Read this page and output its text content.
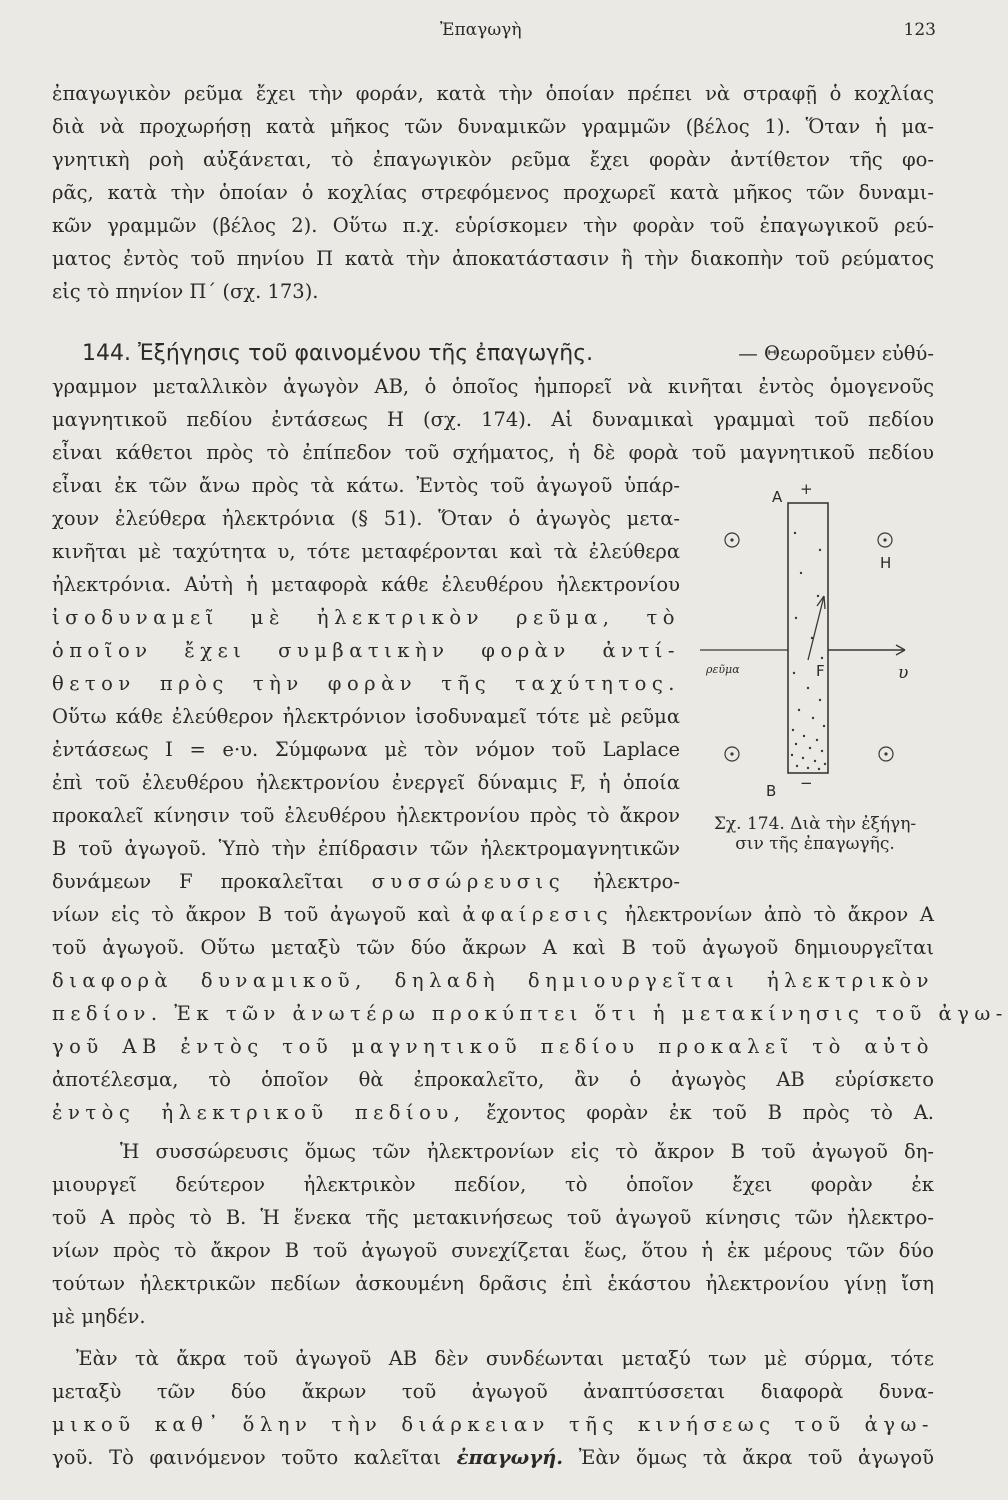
Ἐπαγωγὴ	123
ἐπαγωγικὸν ρεῦμα ἔχει τὴν φοράν, κατὰ τὴν ὁποίαν πρέπει νὰ στραφῇ ὁ κοχλίας
διὰ νὰ προχωρήσῃ κατὰ μῆκος τῶν δυναμικῶν γραμμῶν (βέλος 1). Ὅταν ἡ μα-
γνητικὴ ροὴ αὐξάνεται, τὸ ἐπαγωγικὸν ρεῦμα ἔχει φορὰν ἀντίθετον τῆς φο-
ρᾶς, κατὰ τὴν ὁποίαν ὁ κοχλίας στρεφόμενος προχωρεῖ κατὰ μῆκος τῶν δυναμι-
κῶν γραμμῶν (βέλος 2). Οὕτω π.χ. εὑρίσκομεν τὴν φορὰν τοῦ ἐπαγωγικοῦ ρεύ-
ματος ἐντὸς τοῦ πηνίου Π κατὰ τὴν ἀποκατάστασιν ἢ τὴν διακοπὴν τοῦ ρεύματος
εἰς τὸ πηνίον Π΄ (σχ. 173).
144. Ἐξήγησις τοῦ φαινομένου τῆς ἐπαγωγῆς.	— Θεωροῦμεν εὐθύ-
γραμμον μεταλλικὸν ἀγωγὸν ΑΒ, ὁ ὁποῖος ἠμπορεῖ νὰ κινῆται ἐντὸς ὁμογενοῦς
μαγνητικοῦ πεδίου ἐντάσεως Η (σχ. 174). Αἱ δυναμικαὶ γραμμαὶ τοῦ πεδίου
εἶναι κάθετοι πρὸς τὸ ἐπίπεδον τοῦ σχήματος, ἡ δὲ φορὰ τοῦ μαγνητικοῦ πεδίου
εἶναι ἐκ τῶν ἄνω πρὸς τὰ κάτω. Ἐντὸς τοῦ ἀγωγοῦ ὑπάρ-
χουν ἐλεύθερα ἠλεκτρόνια (§ 51). Ὅταν ὁ ἀγωγὸς μετα-
κινῆται μὲ ταχύτητα υ, τότε μεταφέρονται καὶ τὰ ἐλεύθερα
ἠλεκτρόνια. Αὐτὴ ἡ μεταφορὰ κάθε ἐλευθέρου ἠλεκτρονίου
ἰσοδυναμεῖ μὲ ἠλεκτρικὸν ρεῦμα, τὸ
ὁποῖον ἔχει συμβατικὴν φορὰν ἀντί-
θετον πρὸς τὴν φορὰν τῆς ταχύτητος.
Οὕτω κάθε ἐλεύθερον ἠλεκτρόνιον ἰσοδυναμεῖ τότε μὲ ρεῦμα
ἐντάσεως Ι = e·υ. Σύμφωνα μὲ τὸν νόμον τοῦ Laplace
ἐπὶ τοῦ ἐλευθέρου ἠλεκτρονίου ἐνεργεῖ δύναμις F, ἡ ὁποία
προκαλεῖ κίνησιν τοῦ ἐλευθέρου ἠλεκτρονίου πρὸς τὸ ἄκρον
Β τοῦ ἀγωγοῦ. Ὑπὸ τὴν ἐπίδρασιν τῶν ἠλεκτρομαγνητικῶν
δυνάμεων F προκαλεῖται συσσώρευσις ἠλεκτρο-
νίων εἰς τὸ ἄκρον Β τοῦ ἀγωγοῦ καὶ ἀφαίρεσις ἠλεκτρονίων ἀπὸ τὸ ἄκρον Α
τοῦ ἀγωγοῦ. Οὕτω μεταξὺ τῶν δύο ἄκρων Α καὶ Β τοῦ ἀγωγοῦ δημιουργεῖται
διαφορὰ δυναμικοῦ, δηλαδὴ δημιουργεῖται ἠλεκτρικὸν
πεδίον. Ἐκ τῶν ἀνωτέρω προκύπτει ὅτι ἡ μετακίνησις τοῦ ἀγω-
γοῦ ΑΒ ἐντὸς τοῦ μαγνητικοῦ πεδίου προκαλεῖ τὸ αὐτὸ
ἀποτέλεσμα, τὸ ὁποῖον θὰ ἐπροκαλεῖτο, ἂν ὁ ἀγωγὸς ΑΒ εὑρίσκετο
ἐντὸς ἠλεκτρικοῦ πεδίου, ἔχοντος φορὰν ἐκ τοῦ Β πρὸς τὸ Α.
Ἡ συσσώρευσις ὅμως τῶν ἠλεκτρονίων εἰς τὸ ἄκρον Β τοῦ ἀγωγοῦ δη-
μιουργεῖ δεύτερον ἠλεκτρικὸν πεδίον, τὸ ὁποῖον ἔχει φορὰν ἐκ
τοῦ Α πρὸς τὸ Β. Ἡ ἕνεκα τῆς μετακινήσεως τοῦ ἀγωγοῦ κίνησις τῶν ἠλεκτρο-
νίων πρὸς τὸ ἄκρον Β τοῦ ἀγωγοῦ συνεχίζεται ἕως, ὅτου ἡ ἐκ μέρους τῶν δύο
τούτων ἠλεκτρικῶν πεδίων ἀσκουμένη δρᾶσις ἐπὶ ἑκάστου ἠλεκτρονίου γίνῃ ἴση
μὲ μηδέν.
Ἐὰν τὰ ἄκρα τοῦ ἀγωγοῦ ΑΒ δὲν συνδέωνται μεταξύ των μὲ σύρμα, τότε
μεταξὺ τῶν δύο ἄκρων τοῦ ἀγωγοῦ ἀναπτύσσεται διαφορὰ δυνα-
μικοῦ καθ᾽ ὅλην τὴν διάρκειαν τῆς κινήσεως τοῦ ἀγω-
γοῦ. Τὸ φαινόμενον τοῦτο καλεῖται ἐπαγωγή. Ἐὰν ὅμως τὰ ἄκρα τοῦ ἀγωγοῦ
Α +
Η
F	υ
ρεῦμα
Β −
Σχ. 174. Διὰ τὴν ἐξήγη-
σιν τῆς ἐπαγωγῆς.
